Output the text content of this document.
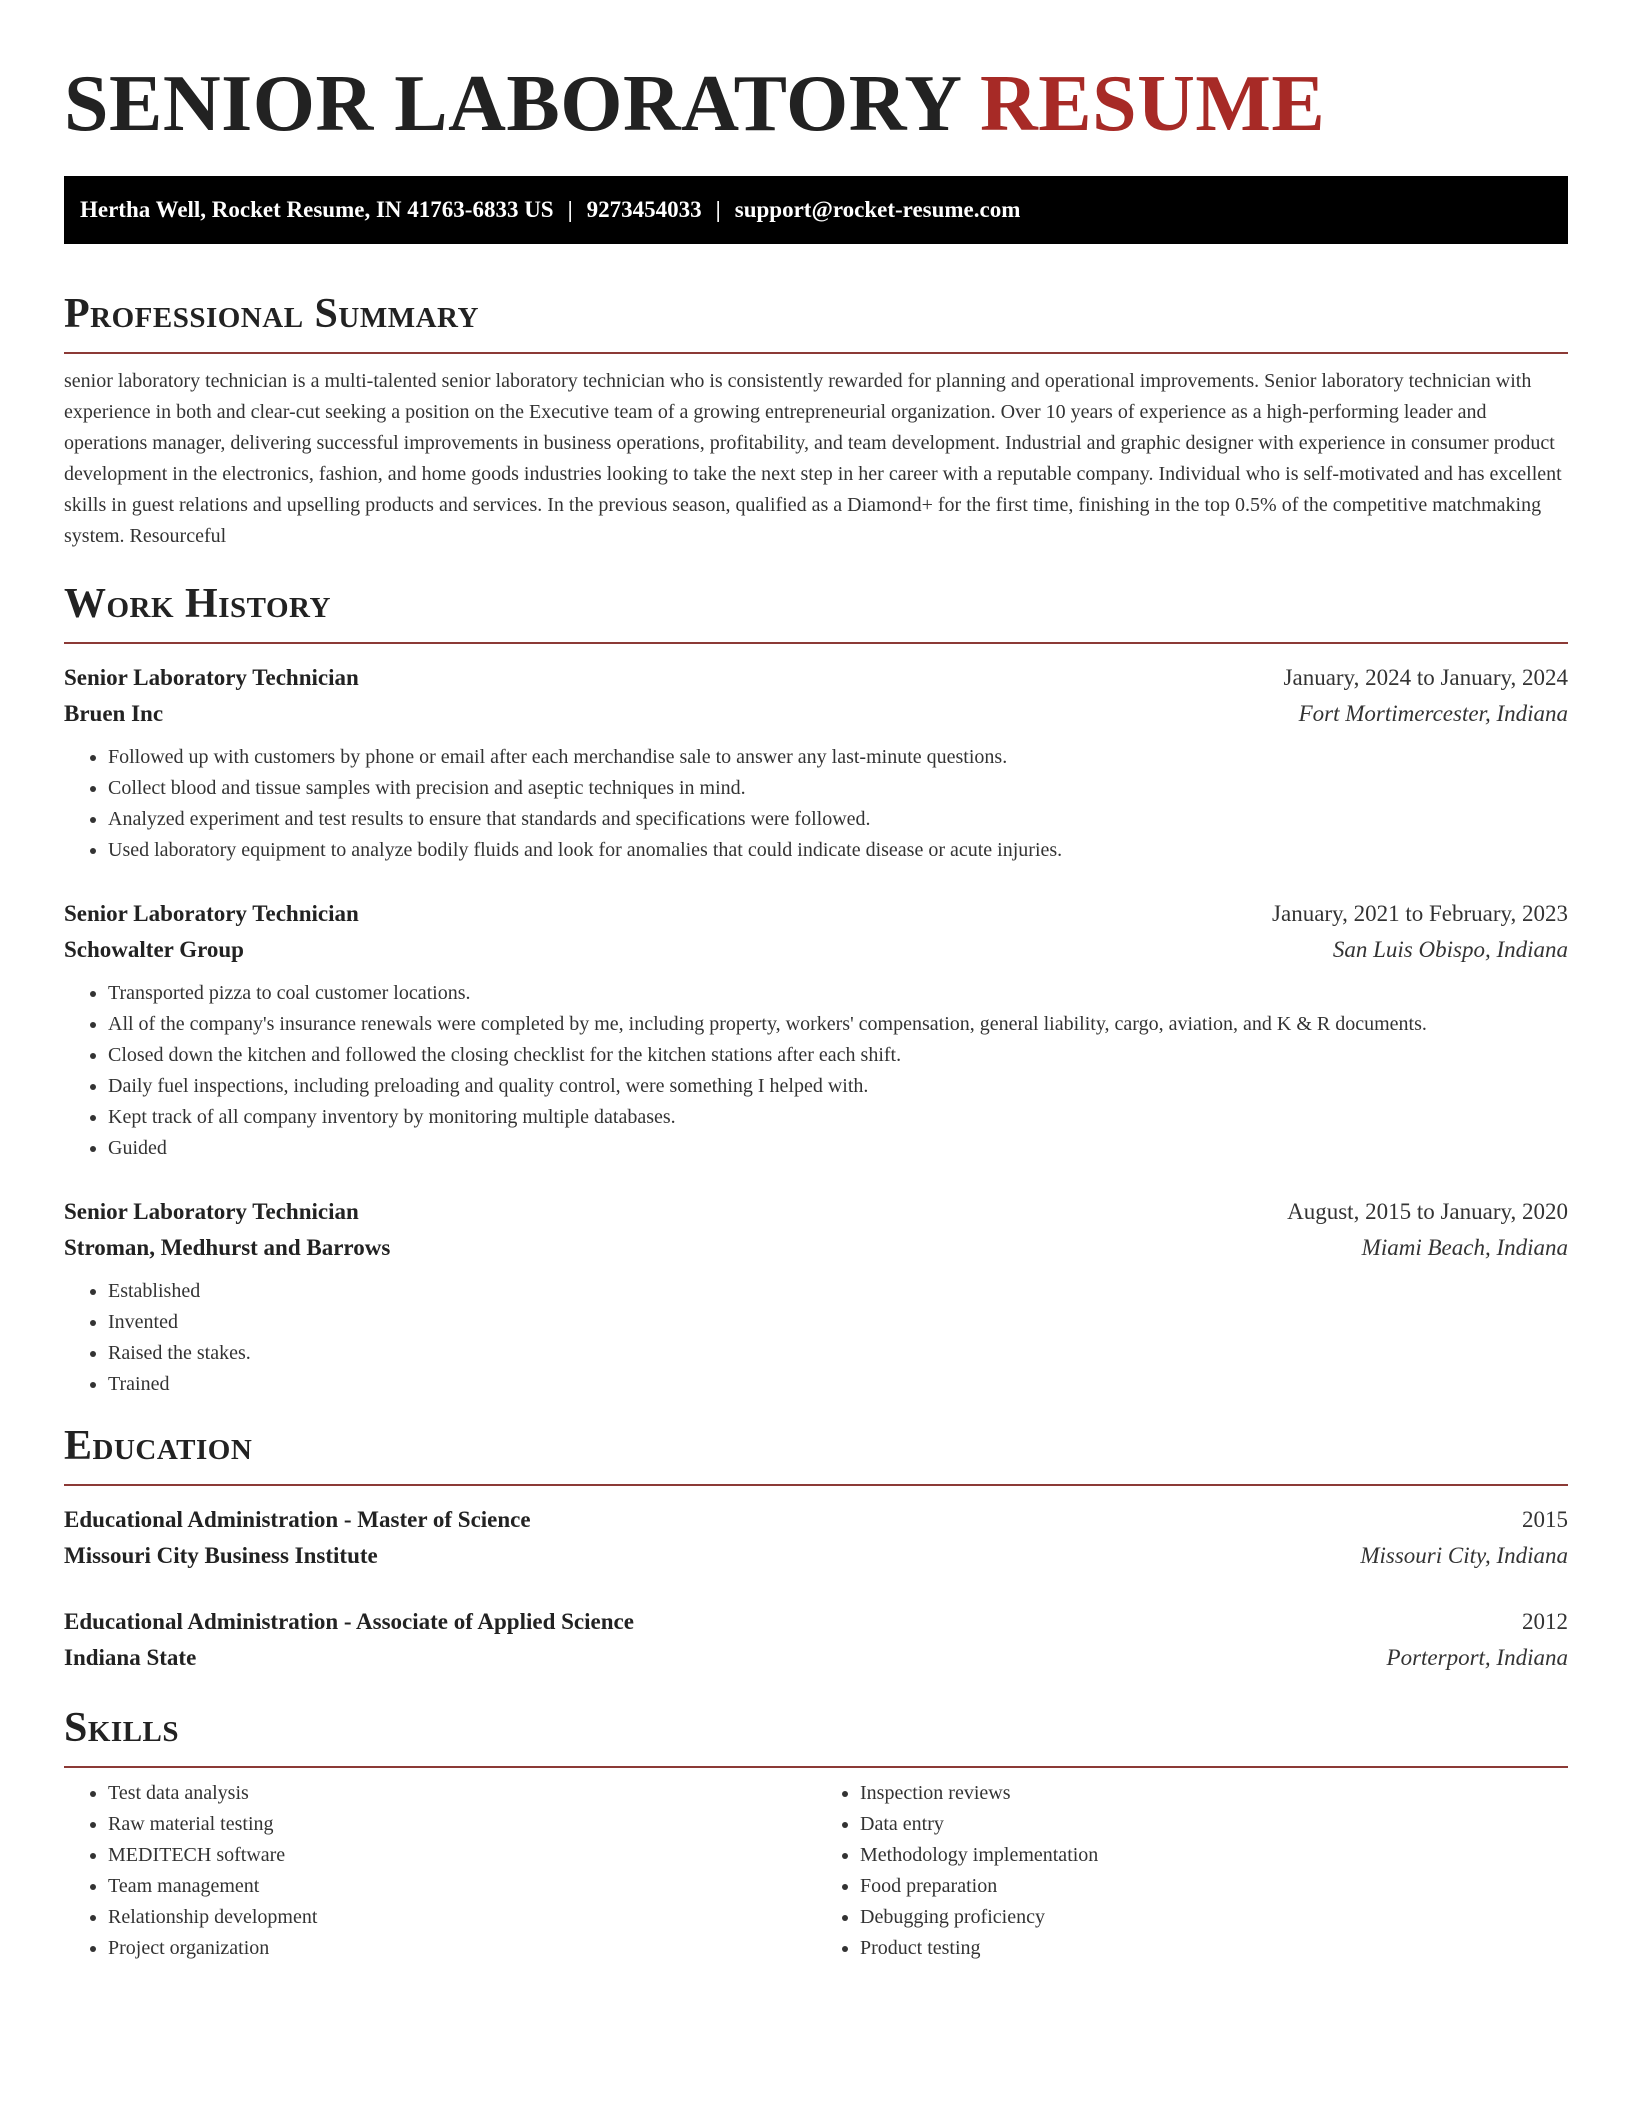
SENIOR LABORATORY RESUME
Hertha Well, Rocket Resume, IN 41763-6833 US | 9273454033 | support@rocket-resume.com
Professional Summary

senior laboratory technician is a multi-talented senior laboratory technician who is consistently rewarded for planning and operational improvements. Senior laboratory technician with experience in both and clear-cut seeking a position on the Executive team of a growing entrepreneurial organization. Over 10 years of experience as a high-performing leader and operations manager, delivering successful improvements in business operations, profitability, and team development. Industrial and graphic designer with experience in consumer product development in the electronics, fashion, and home goods industries looking to take the next step in her career with a reputable company. Individual who is self-motivated and has excellent skills in guest relations and upselling products and services. In the previous season, qualified as a Diamond+ for the first time, finishing in the top 0.5% of the competitive matchmaking system. Resourceful

Work History
Senior Laboratory Technician	January, 2024 to January, 2024
Bruen Inc	Fort Mortimercester, Indiana
• Followed up with customers by phone or email after each merchandise sale to answer any last-minute questions.
• Collect blood and tissue samples with precision and aseptic techniques in mind.
• Analyzed experiment and test results to ensure that standards and specifications were followed.
• Used laboratory equipment to analyze bodily fluids and look for anomalies that could indicate disease or acute injuries.
Senior Laboratory Technician	January, 2021 to February, 2023
Schowalter Group	San Luis Obispo, Indiana
• Transported pizza to coal customer locations.
• All of the company's insurance renewals were completed by me, including property, workers' compensation, general liability, cargo, aviation, and K & R documents.
• Closed down the kitchen and followed the closing checklist for the kitchen stations after each shift.
• Daily fuel inspections, including preloading and quality control, were something I helped with.
• Kept track of all company inventory by monitoring multiple databases.
• Guided
Senior Laboratory Technician	August, 2015 to January, 2020
Stroman, Medhurst and Barrows	Miami Beach, Indiana
• Established
• Invented
• Raised the stakes.
• Trained
Education
Educational Administration - Master of Science	2015
Missouri City Business Institute	Missouri City, Indiana
Educational Administration - Associate of Applied Science	2012
Indiana State	Porterport, Indiana
Skills
• Test data analysis
• Raw material testing
• MEDITECH software
• Team management
• Relationship development
• Project organization
• Inspection reviews
• Data entry
• Methodology implementation
• Food preparation
• Debugging proficiency
• Product testing
